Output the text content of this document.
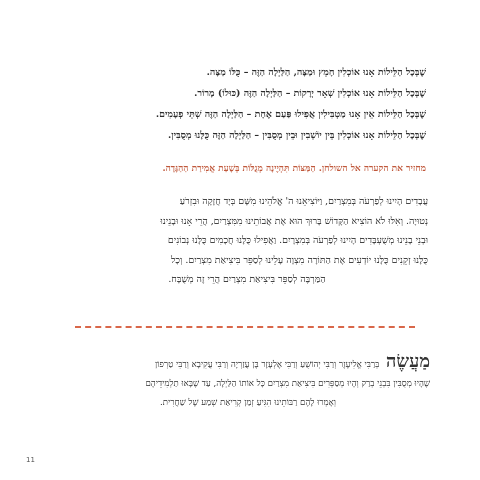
שֶׁבְּכָל הַלֵּילוֹת אָנוּ אוֹכְלִין חָמֵץ וּמַצָּה, הַלַּיְלָה הַזֶּה – כֻּלּוֹ מַצָּה.

שֶׁבְּכָל הַלֵּילוֹת אָנוּ אוֹכְלִין שְׁאָר יְרָקוֹת – הַלַּיְלָה הַזֶּה (כּוּלוֹ) מָרוֹר.

שֶׁבְּכָל הַלֵּילוֹת אֵין אָנוּ מַטְבִּילִין אֲפִילוּ פַּעַם אֶחָת – הַלַּיְלָה הַזֶּה שְׁתֵּי פְעָמִים.

שֶׁבְּכָל הַלֵּילוֹת אָנוּ אוֹכְלִין בֵּין יוֹשְׁבִין וּבֵין מְסֻבִּין – הַלַּיְלָה הַזֶּה כֻּלָּנוּ מְסֻבִּין.

מחזיר את הקערה אל השולחן. הַמַּצּוֹת תִּהְיֶינָה מְגֻלּוֹת בְּשָׁעַת אֲמִירַת הַהַגָּדָה.

עֲבָדִים הָיִינוּ לְפַרְעֹה בְּמִצְרַיִם, וַיּוֹצִיאֵנוּ ה' אֱלֹהֵינוּ מִשָּׁם בְּיָד חֲזָקָה וּבִזְרֹעַ
נְטוּיָה. וְאִלּוּ לֹא הוֹצִיא הַקָּדוֹשׁ בָּרוּךְ הוּא אֶת אֲבוֹתֵינוּ מִמִּצְרַיִם, הֲרֵי אָנוּ וּבָנֵינוּ
וּבְנֵי בָנֵינוּ מְשֻׁעְבָּדִים הָיִינוּ לְפַרְעֹה בְּמִצְרָיִם. וַאֲפִילוּ כֻּלָּנוּ חֲכָמִים כֻּלָּנוּ נְבוֹנִים
כֻּלָּנוּ זְקֵנִים כֻּלָּנוּ יוֹדְעִים אֶת הַתּוֹרָה מִצְוָה עָלֵינוּ לְסַפֵּר בִּיצִיאַת מִצְרַיִם. וְכָל
הַמַּרְבֶּה לְסַפֵּר בִּיצִיאַת מִצְרַיִם הֲרֵי זֶה מְשֻׁבָּח.
מַעֲשֶׂה בְּרַבִּי אֱלִיעֶזֶר וְרַבִּי יְהוֹשֻׁעַ וְרַבִּי אֶלְעָזָר בֶּן עֲזַרְיָה וְרַבִּי עֲקִיבָא וְרַבִּי טַרְפוֹן
שֶׁהָיוּ מְסֻבִּין בִּבְנֵי בְרַק וְהָיוּ מְסַפְּרִים בִּיצִיאַת מִצְרַיִם כָּל אוֹתוֹ הַלַּיְלָה, עַד שֶׁבָּאוּ תַלְמִידֵיהֶם
וְאָמְרוּ לָהֶם רַבּוֹתֵינוּ הִגִּיעַ זְמַן קְרִיאַת שְׁמַע שֶׁל שַׁחֲרִית.
11
